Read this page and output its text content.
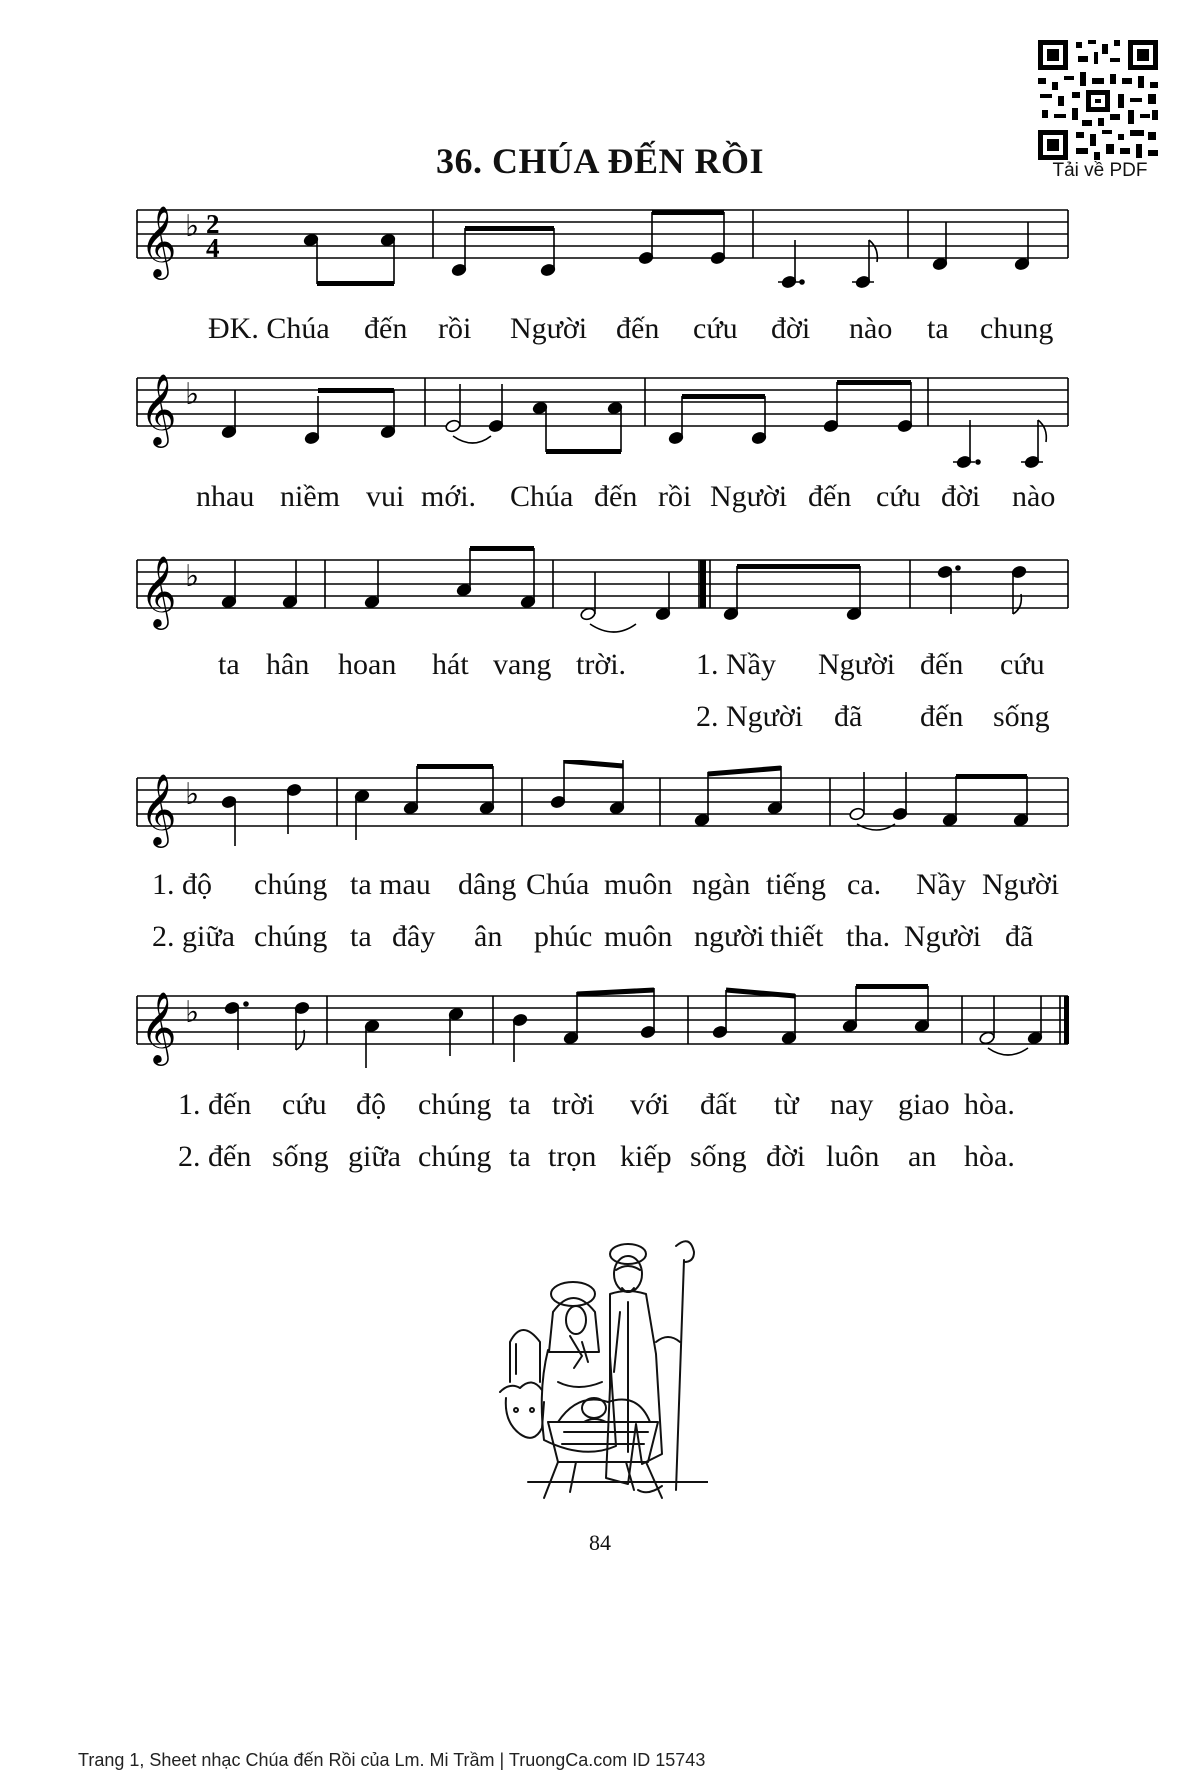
36. CHÚA ĐẾN RỒI	Tải về PDF
𝄞 ♭ 2
4
ĐK. Chúa đến rồi Người đến cứu đời nào ta chung
𝄞 ♭
nhau niềm vui mới. Chúa đến rồi Người đến cứu đời nào
𝄞 ♭
ta hân hoan hát vang trời. 1. Nầy Người đến cứu
2. Người đã đến sống
𝄞 ♭
1. độ chúng ta mau dâng Chúa muôn ngàn tiếng ca. Nầy Người
2. giữa chúng ta đây ân phúc muôn người thiết tha. Người đã
𝄞 ♭
1. đến cứu độ chúng ta trời với đất từ nay giao hòa.
2. đến sống giữa chúng ta trọn kiếp sống đời luôn an hòa.
84
Trang 1, Sheet nhạc Chúa đến Rồi của Lm. Mi Trầm | TruongCa.com ID 15743
